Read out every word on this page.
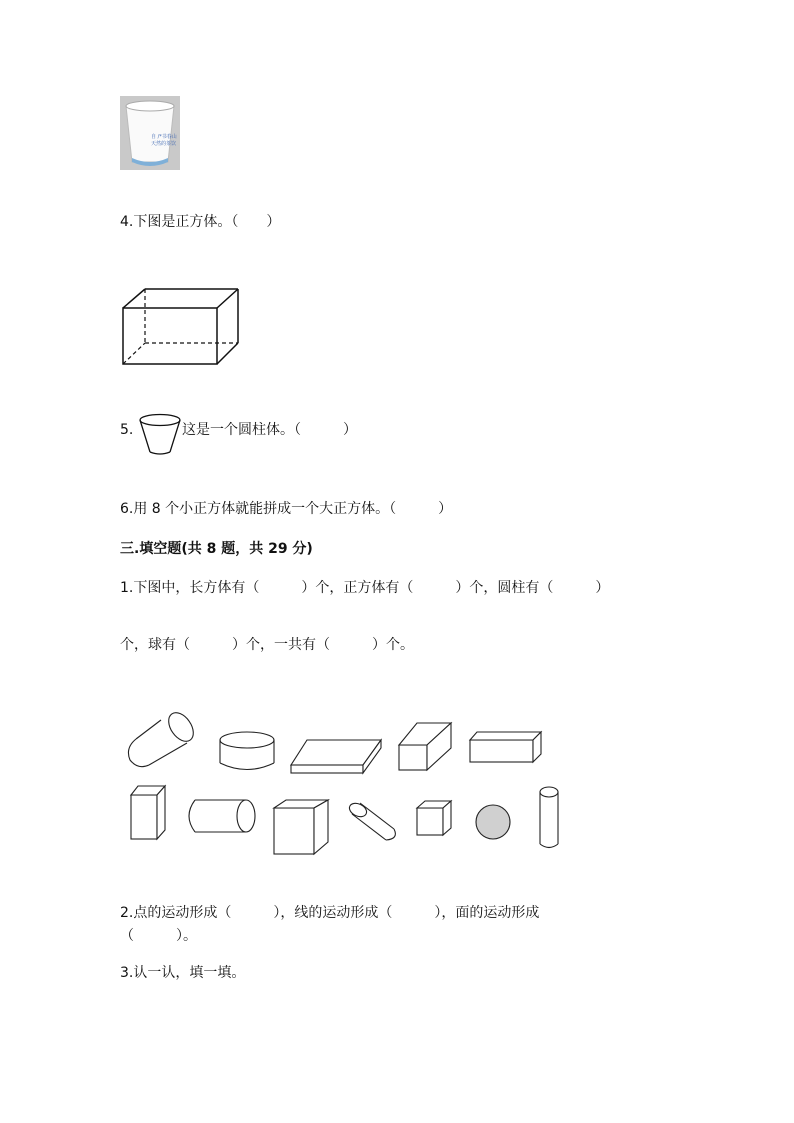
自 /*书春山
天然的茶饮
4.下图是正方体。（　　）
5.	这是一个圆柱体。（　　　）
6.用 8 个小正方体就能拼成一个大正方体。（　　　）
三.填空题(共 8 题，共 29 分)
1.下图中，长方体有（　　　）个，正方体有（　　　）个，圆柱有（　　　）
个，球有（　　　）个，一共有（　　　）个。
2.点的运动形成（　　　），线的运动形成（　　　），面的运动形成
（　　　）。
3.认一认，填一填。
